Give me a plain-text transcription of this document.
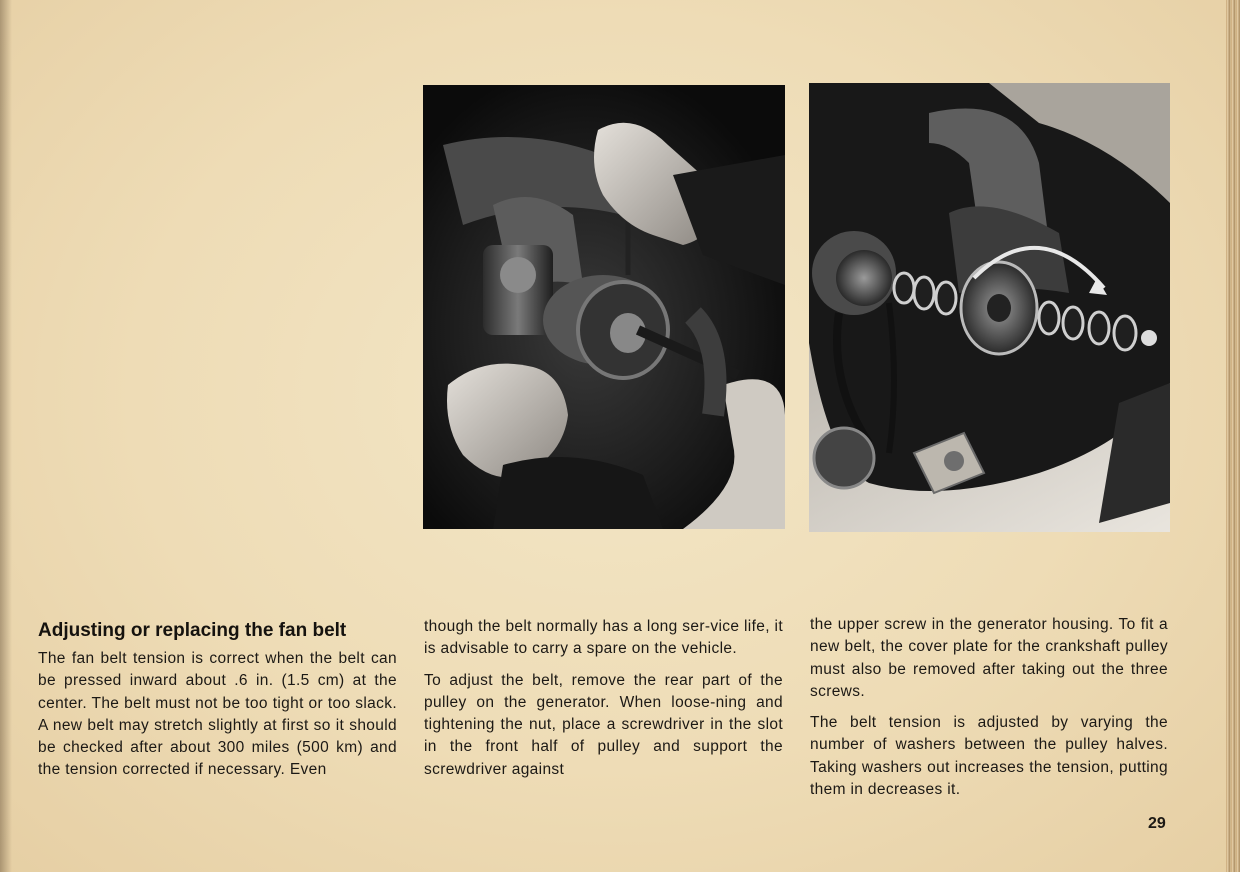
Adjusting or replacing the fan belt

The fan belt tension is correct when the belt can be pressed inward about .6 in. (1.5 cm) at the center. The belt must not be too tight or too slack. A new belt may stretch slightly at first so it should be checked after about 300 miles (500 km) and the tension corrected if necessary. Even

though the belt normally has a long ser-vice life, it is advisable to carry a spare on the vehicle.

To adjust the belt, remove the rear part of the pulley on the generator. When loose-ning and tightening the nut, place a screwdriver in the slot in the front half of pulley and support the screwdriver against

the upper screw in the generator housing. To fit a new belt, the cover plate for the crankshaft pulley must also be removed after taking out the three screws.

The belt tension is adjusted by varying the number of washers between the pulley halves. Taking washers out increases the tension, putting them in decreases it.

29
